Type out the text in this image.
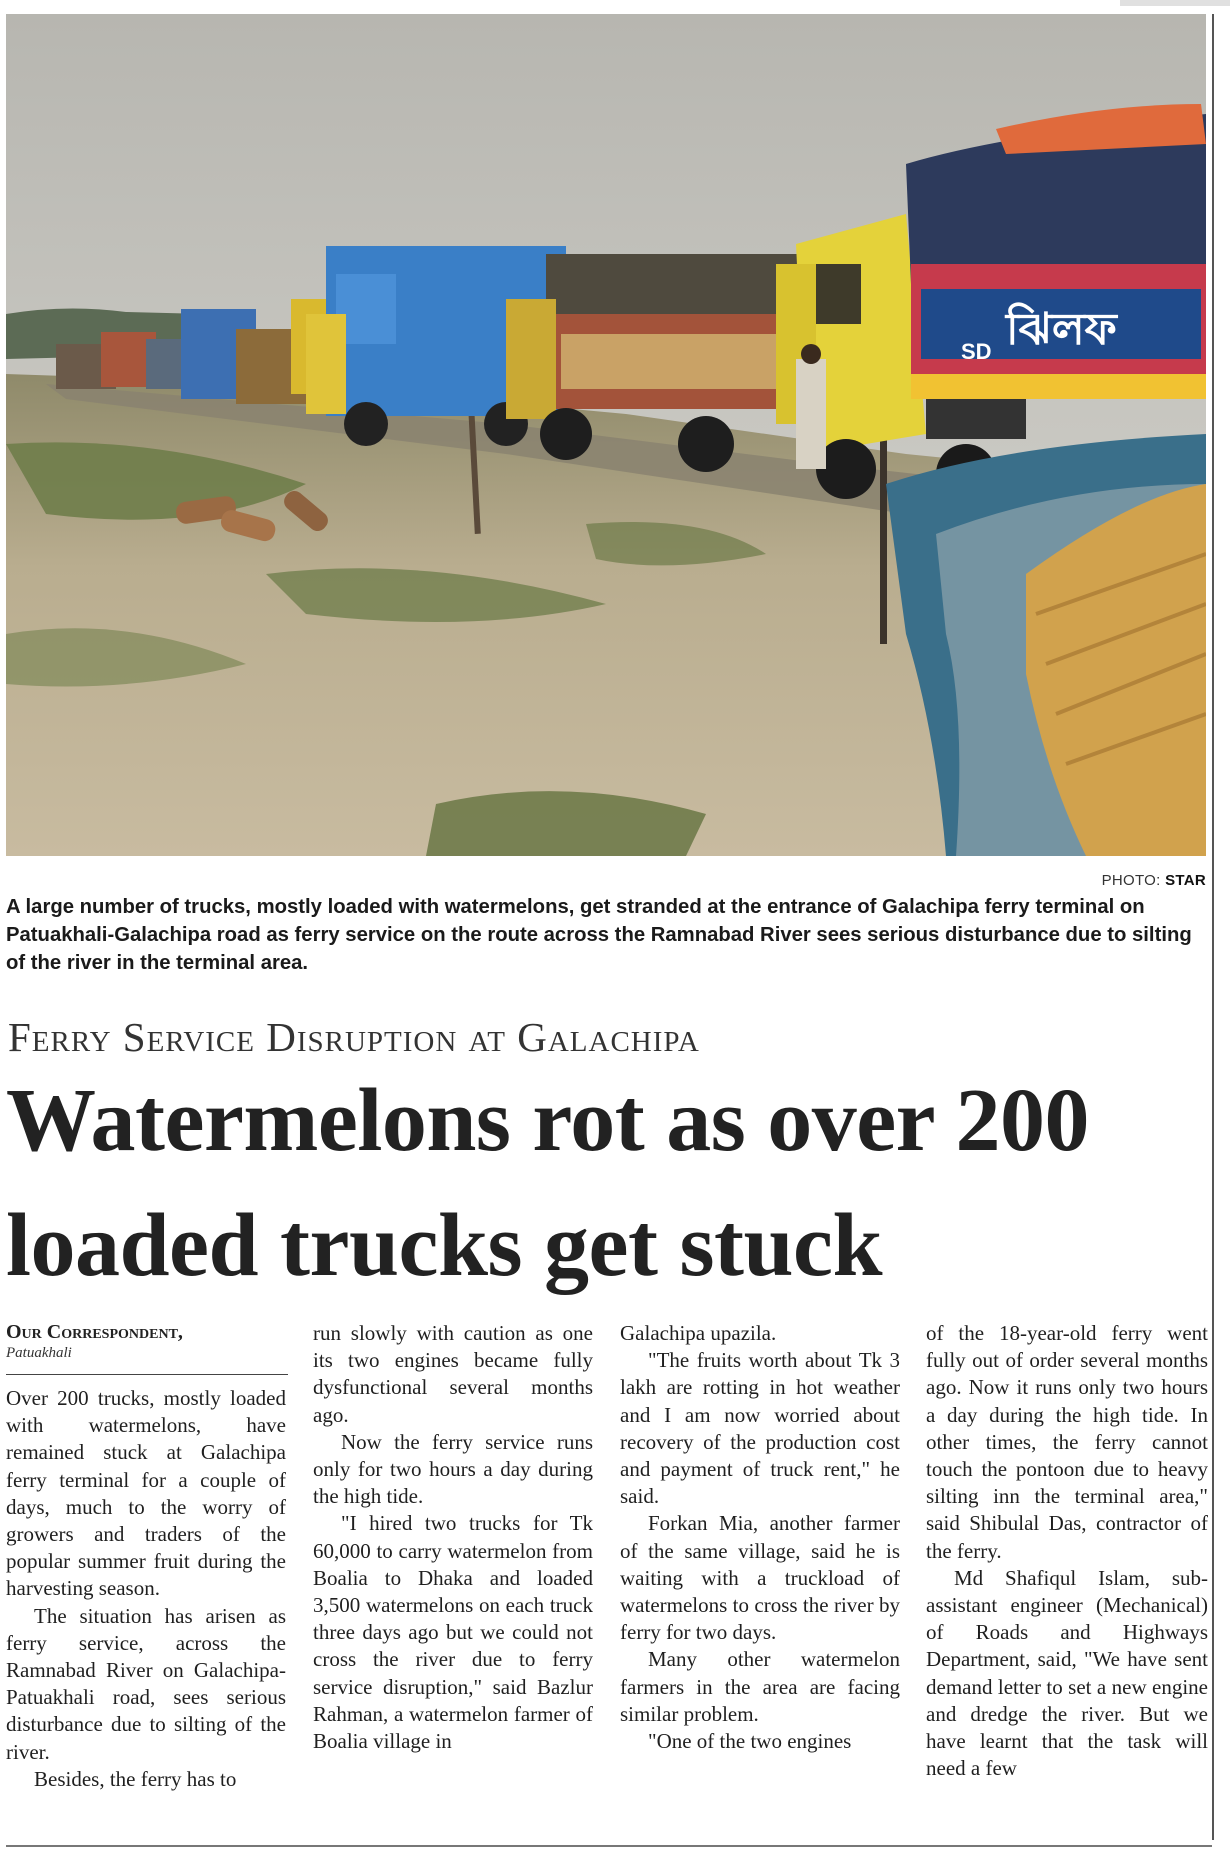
SD ঝিলফ
PHOTO: STAR
A large number of trucks, mostly loaded with watermelons, get stranded at the entrance of Galachipa ferry terminal on Patuakhali-Galachipa road as ferry service on the route across the Ramnabad River sees serious disturbance due to silting of the river in the terminal area.
Ferry Service Disruption at Galachipa
Watermelons rot as over 200
loaded trucks get stuck
Our Correspondent,
Patuakhali

Over 200 trucks, mostly loaded with watermelons, have remained stuck at Galachipa ferry terminal for a couple of days, much to the worry of growers and traders of the popular summer fruit during the harvesting season.

The situation has arisen as ferry service, across the Ramnabad River on Galachipa-Patuakhali road, sees serious disturbance due to silting of the river.

Besides, the ferry has to

run slowly with caution as one its two engines became fully dysfunctional several months ago.

Now the ferry service runs only for two hours a day during the high tide.

"I hired two trucks for Tk 60,000 to carry watermelon from Boalia to Dhaka and loaded 3,500 watermelons on each truck three days ago but we could not cross the river due to ferry service disruption," said Bazlur Rahman, a watermelon farmer of Boalia village in

Galachipa upazila.

"The fruits worth about Tk 3 lakh are rotting in hot weather and I am now worried about recovery of the production cost and payment of truck rent," he said.

Forkan Mia, another farmer of the same village, said he is waiting with a truckload of watermelons to cross the river by ferry for two days.

Many other watermelon farmers in the area are facing similar problem.

"One of the two engines

of the 18-year-old ferry went fully out of order several months ago. Now it runs only two hours a day during the high tide. In other times, the ferry cannot touch the pontoon due to heavy silting inn the terminal area," said Shibulal Das, contractor of the ferry.

Md Shafiqul Islam, sub-assistant engineer (Mechanical) of Roads and Highways Department, said, "We have sent demand letter to set a new engine and dredge the river. But we have learnt that the task will need a few
